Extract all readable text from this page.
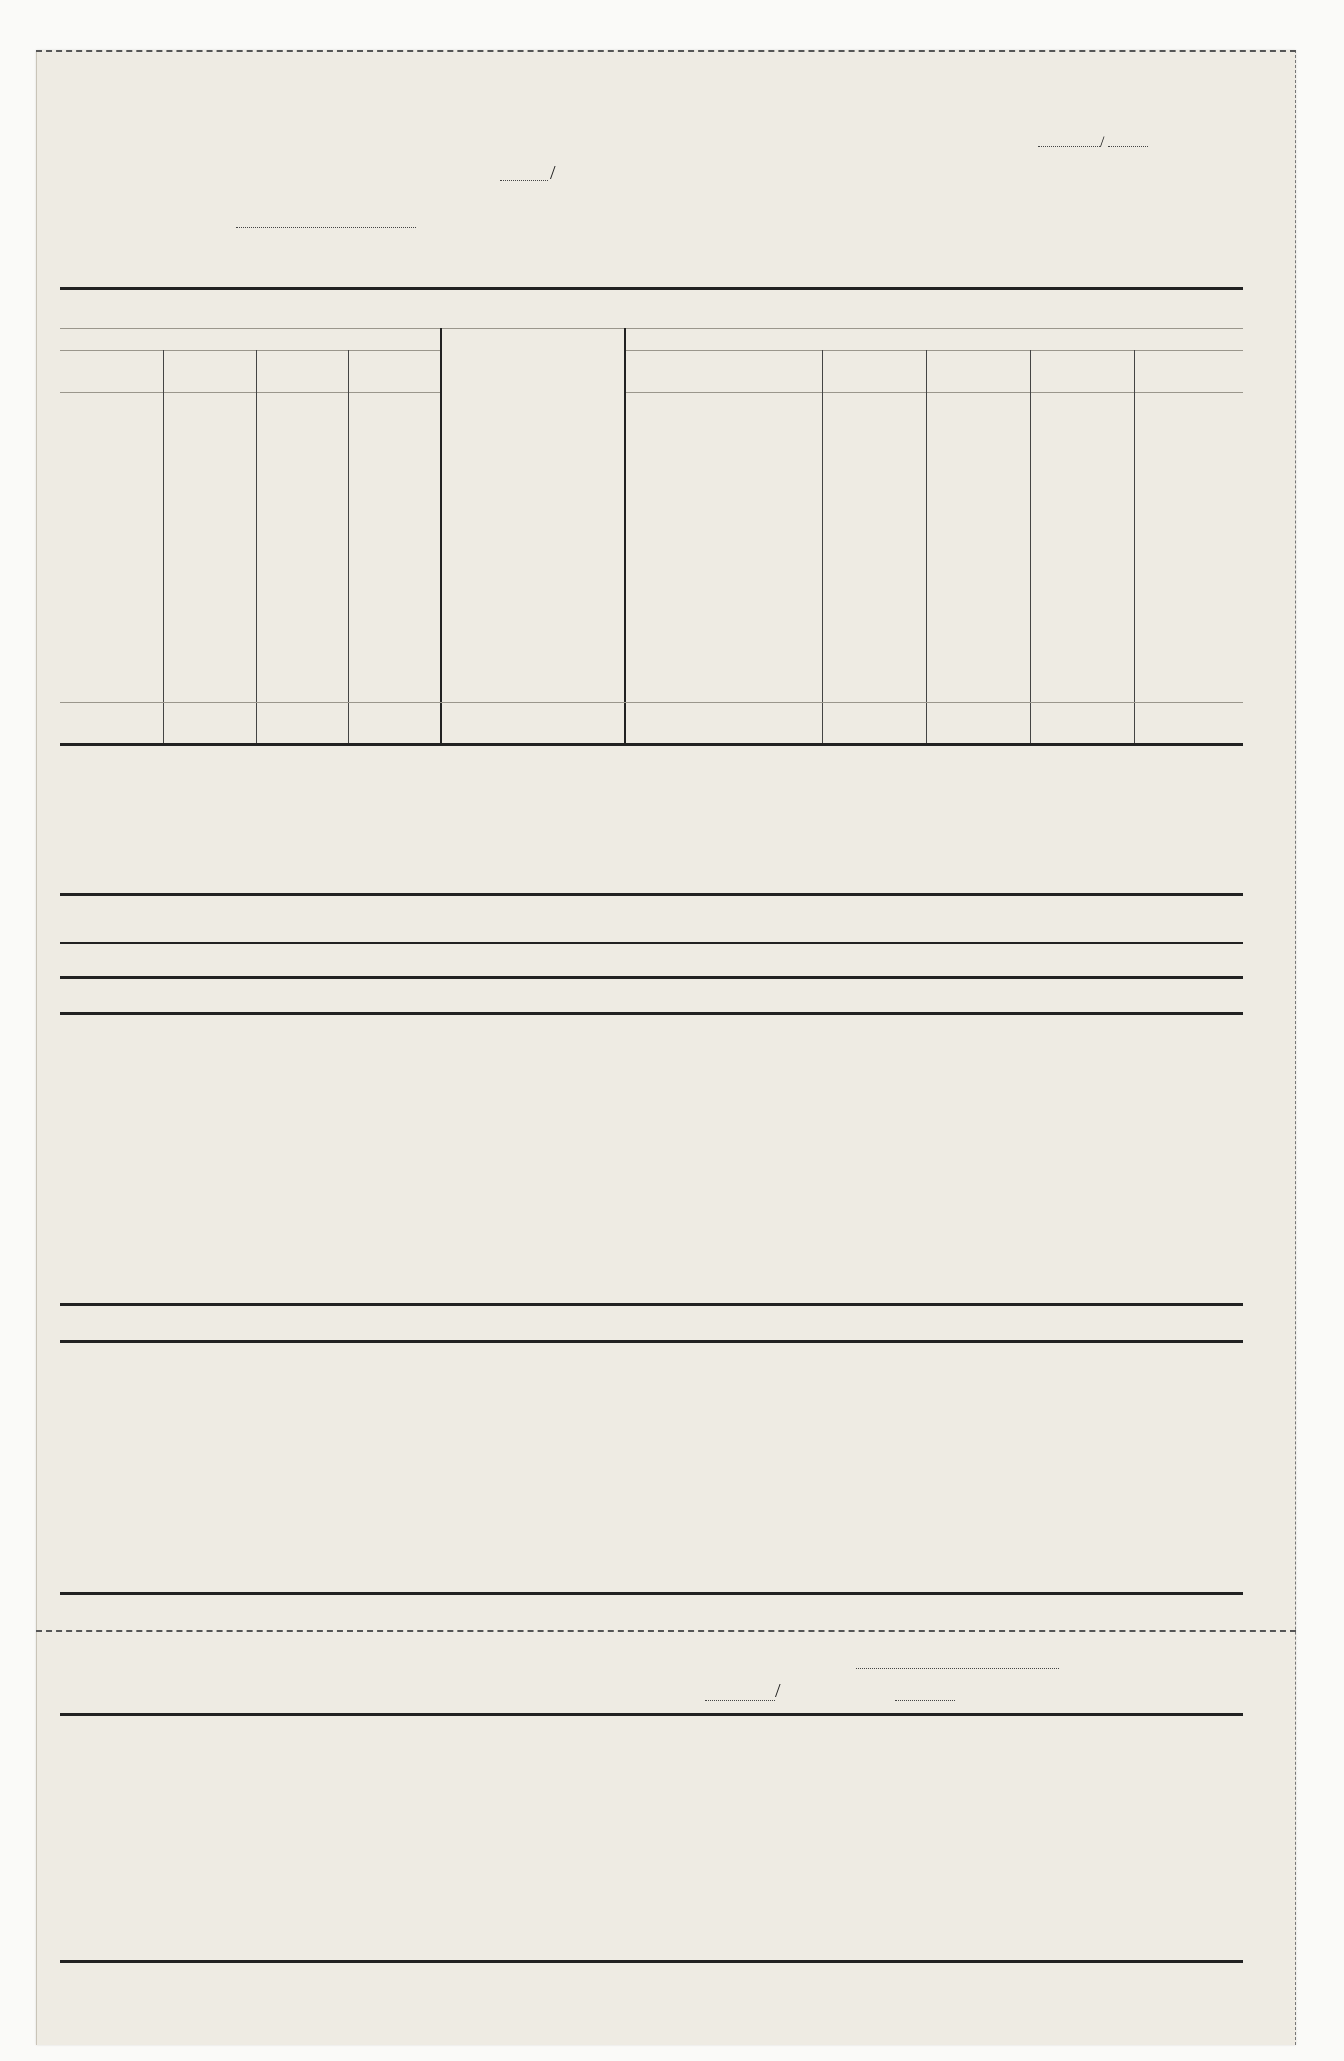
/
/
/
